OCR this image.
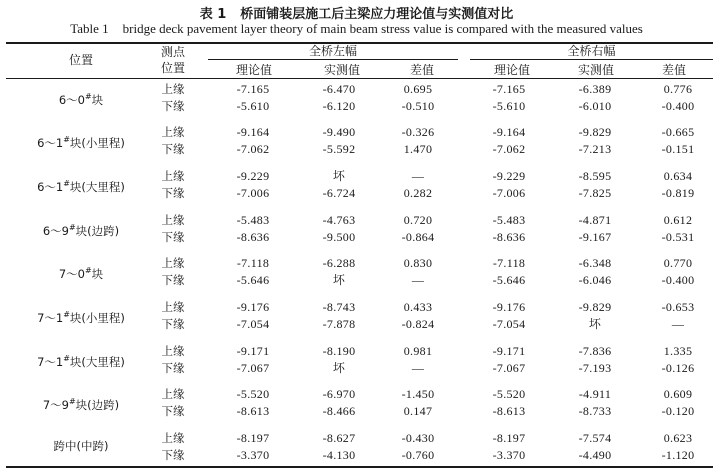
表 1 桥面铺装层施工后主梁应力理论值与实测值对比
Table 1 bridge deck pavement layer theory of main beam stress value is compared with the measured values
位置
测点
位置
全桥左幅	全桥右幅
理论值	实测值	差值	理论值	实测值	差值
6～0#块
上缘	-7.165	-6.470	0.695	-7.165	-6.389	0.776
下缘	-5.610	-6.120	-0.510	-5.610	-6.010	-0.400
6～1#块(小里程)
上缘	-9.164	-9.490	-0.326	-9.164	-9.829	-0.665
下缘	-7.062	-5.592	1.470	-7.062	-7.213	-0.151
6～1#块(大里程)
上缘	-9.229	坏	—	-9.229	-8.595	0.634
下缘	-7.006	-6.724	0.282	-7.006	-7.825	-0.819
6～9#块(边跨)
上缘	-5.483	-4.763	0.720	-5.483	-4.871	0.612
下缘	-8.636	-9.500	-0.864	-8.636	-9.167	-0.531
7～0#块
上缘	-7.118	-6.288	0.830	-7.118	-6.348	0.770
下缘	-5.646	坏	—	-5.646	-6.046	-0.400
7～1#块(小里程)
上缘	-9.176	-8.743	0.433	-9.176	-9.829	-0.653
下缘	-7.054	-7.878	-0.824	-7.054	坏	—
7～1#块(大里程)
上缘	-9.171	-8.190	0.981	-9.171	-7.836	1.335
下缘	-7.067	坏	—	-7.067	-7.193	-0.126
7～9#块(边跨)
上缘	-5.520	-6.970	-1.450	-5.520	-4.911	0.609
下缘	-8.613	-8.466	0.147	-8.613	-8.733	-0.120
跨中(中跨)
上缘	-8.197	-8.627	-0.430	-8.197	-7.574	0.623
下缘	-3.370	-4.130	-0.760	-3.370	-4.490	-1.120
